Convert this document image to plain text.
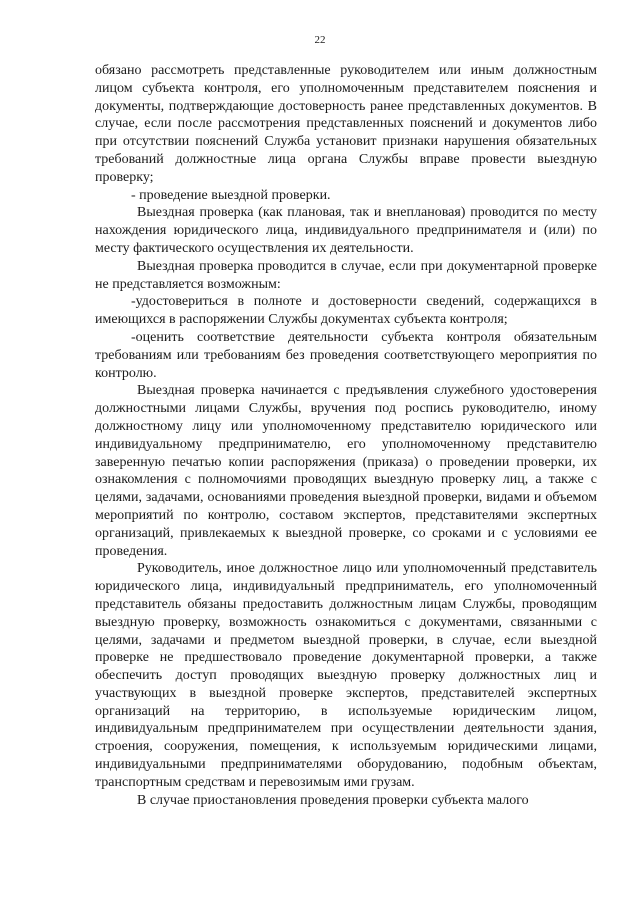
22

обязано рассмотреть представленные руководителем или иным должностным лицом субъекта контроля, его уполномоченным представителем пояснения и документы, подтверждающие достоверность ранее представленных документов. В случае, если после рассмотрения представленных пояснений и документов либо при отсутствии пояснений Служба установит признаки нарушения обязательных требований должностные лица органа Службы вправе провести выездную проверку;

- проведение выездной проверки.

Выездная проверка (как плановая, так и внеплановая) проводится по месту нахождения юридического лица, индивидуального предпринимателя и (или) по месту фактического осуществления их деятельности.

Выездная проверка проводится в случае, если при документарной проверке не представляется возможным:

-удостовериться в полноте и достоверности сведений, содержащихся в имеющихся в распоряжении Службы документах субъекта контроля;

-оценить соответствие деятельности субъекта контроля обязательным требованиям или требованиям без проведения соответствующего мероприятия по контролю.

Выездная проверка начинается с предъявления служебного удостоверения должностными лицами Службы, вручения под роспись руководителю, иному должностному лицу или уполномоченному представителю юридического или индивидуальному предпринимателю, его уполномоченному представителю заверенную печатью копии распоряжения (приказа) о проведении проверки, их ознакомления с полномочиями проводящих выездную проверку лиц, а также с целями, задачами, основаниями проведения выездной проверки, видами и объемом мероприятий по контролю, составом экспертов, представителями экспертных организаций, привлекаемых к выездной проверке, со сроками и с условиями ее проведения.

Руководитель, иное должностное лицо или уполномоченный представитель юридического лица, индивидуальный предприниматель, его уполномоченный представитель обязаны предоставить должностным лицам Службы, проводящим выездную проверку, возможность ознакомиться с документами, связанными с целями, задачами и предметом выездной проверки, в случае, если выездной проверке не предшествовало проведение документарной проверки, а также обеспечить доступ проводящих выездную проверку должностных лиц и участвующих в выездной проверке экспертов, представителей экспертных организаций на территорию, в используемые юридическим лицом, индивидуальным предпринимателем при осуществлении деятельности здания, строения, сооружения, помещения, к используемым юридическими лицами, индивидуальными предпринимателями оборудованию, подобным объектам, транспортным средствам и перевозимым ими грузам.

В случае приостановления проведения проверки субъекта малого
